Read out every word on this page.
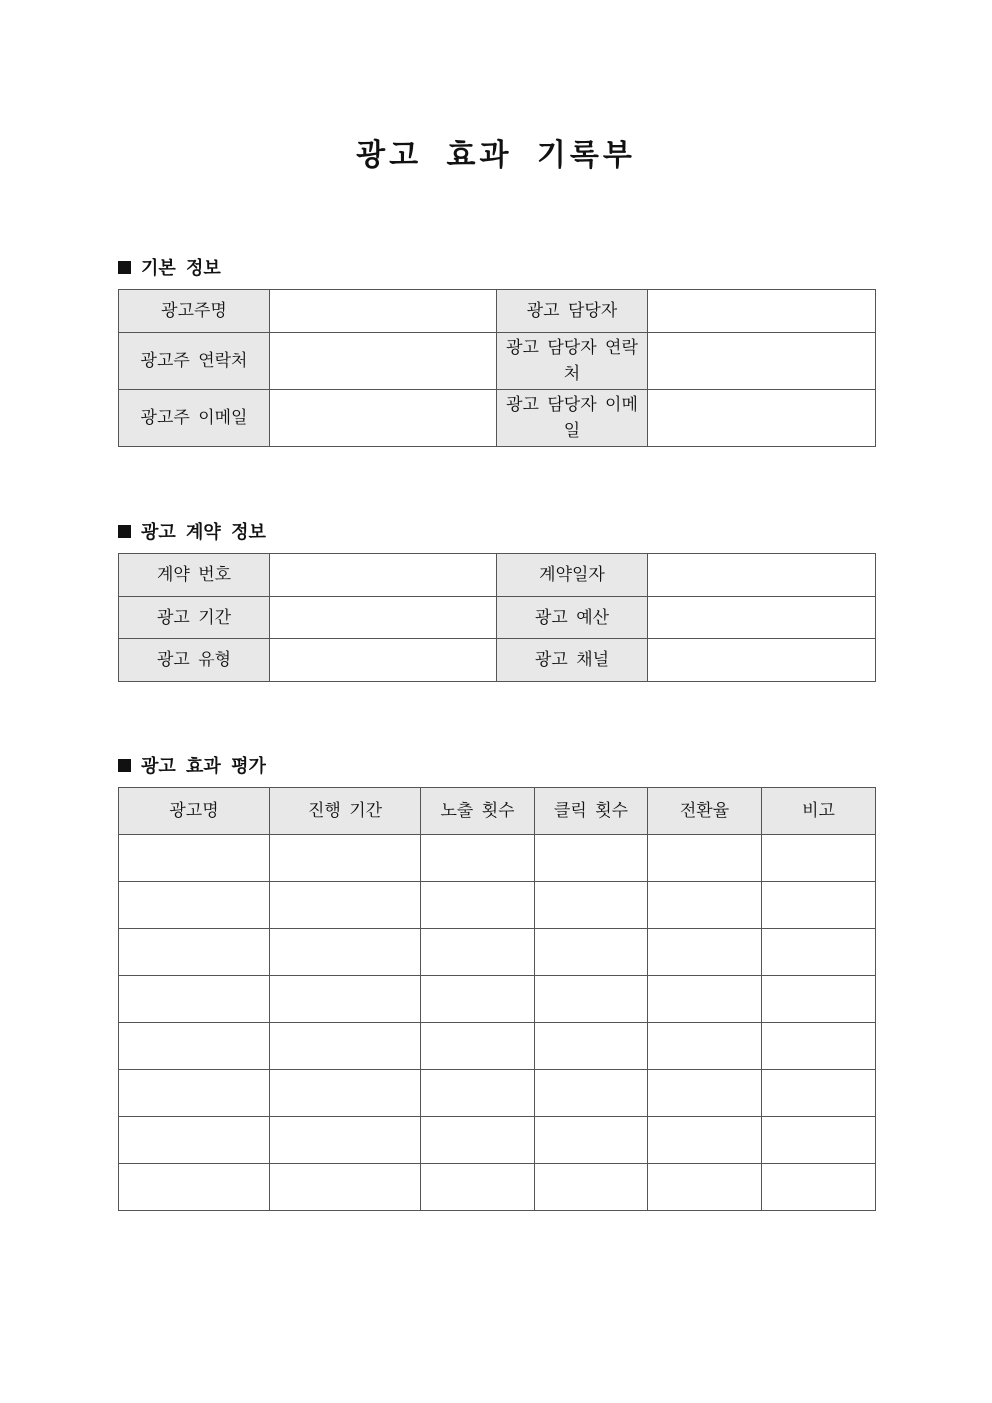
광고 효과 기록부
기본 정보
광고주명		광고 담당자	
광고주 연락처		광고 담당자 연락처	
광고주 이메일		광고 담당자 이메일	
광고 계약 정보
계약 번호		계약일자	
광고 기간		광고 예산	
광고 유형		광고 채널	
광고 효과 평가
광고명	진행 기간	노출 횟수	클릭 횟수	전환율	비고
